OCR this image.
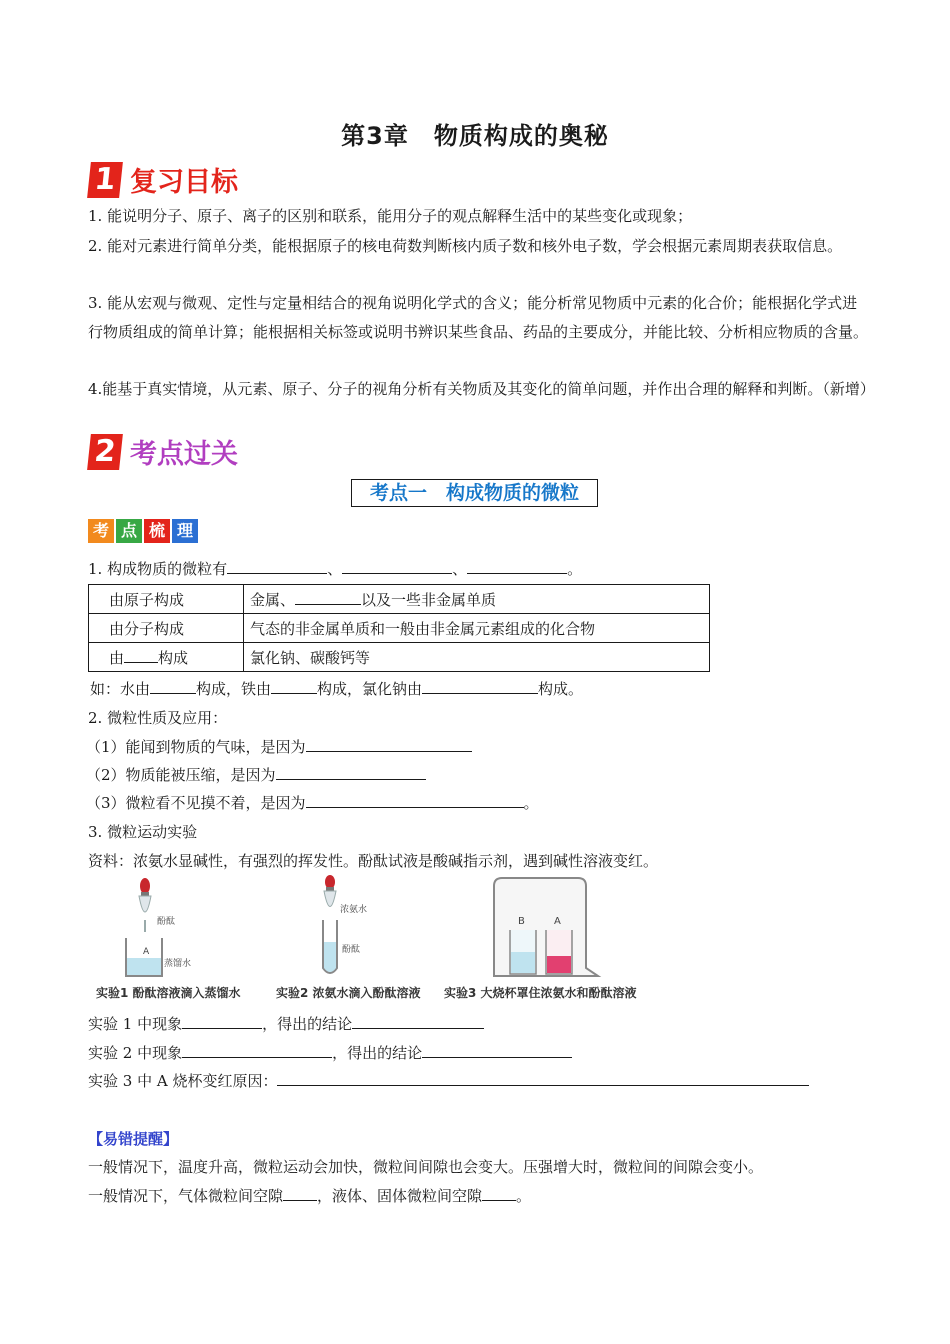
第3章　物质构成的奥秘
1 复习目标
1. 能说明分子、原子、离子的区别和联系，能用分子的观点解释生活中的某些变化或现象；
2. 能对元素进行简单分类，能根据原子的核电荷数判断核内质子数和核外电子数，学会根据元素周期表获取信息。
3. 能从宏观与微观、定性与定量相结合的视角说明化学式的含义；能分析常见物质中元素的化合价；能根据化学式进行物质组成的简单计算；能根据相关标签或说明书辨识某些食品、药品的主要成分，并能比较、分析相应物质的含量。
4.能基于真实情境，从元素、原子、分子的视角分析有关物质及其变化的简单问题，并作出合理的解释和判断。（新增）
2 考点过关
考点一　构成物质的微粒
考 点 梳 理
1. 构成物质的微粒有	、	、	。
由原子构成	金属、 以及一些非金属单质
由分子构成	气态的非金属单质和一般由非金属元素组成的化合物
由 构成	氯化钠、碳酸钙等
如：水由	构成，铁由	构成，氯化钠由	构成。
2. 微粒性质及应用：
（1）能闻到物质的气味，是因为
（2）物质能被压缩，是因为
（3）微粒看不见摸不着，是因为	。
3. 微粒运动实验
资料：浓氨水显碱性，有强烈的挥发性。酚酞试液是酸碱指示剂，遇到碱性溶液变红。
酚酞
A
蒸馏水
浓氨水
酚酞
B	A
实验1 酚酞溶液滴入蒸馏水	实验2 浓氨水滴入酚酞溶液 实验3 大烧杯罩住浓氨水和酚酞溶液
实验 1 中现象	，得出的结论
实验 2 中现象	，得出的结论
实验 3 中 A 烧杯变红原因：
【易错提醒】
一般情况下，温度升高，微粒运动会加快，微粒间间隙也会变大。压强增大时，微粒间的间隙会变小。
一般情况下，气体微粒间空隙 ，液体、固体微粒间空隙 。
